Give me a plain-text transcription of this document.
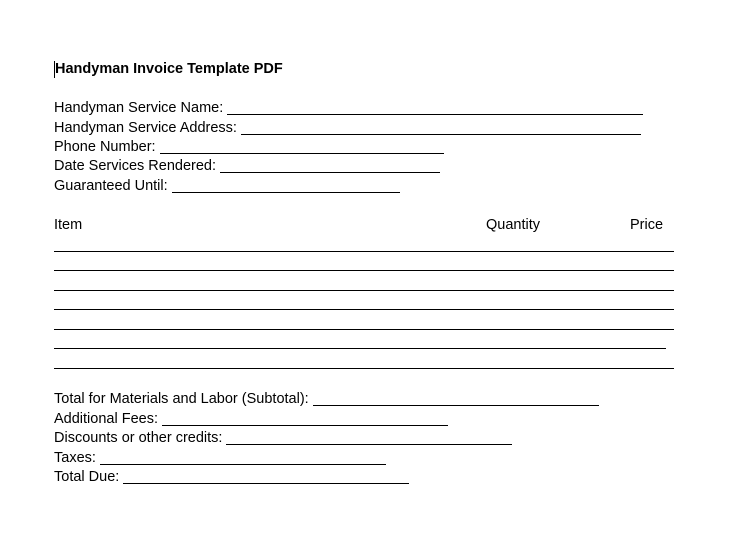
Handyman Invoice Template PDF
Handyman Service Name:
Handyman Service Address:
Phone Number:
Date Services Rendered:
Guaranteed Until:
Item	Quantity	Price
Total for Materials and Labor (Subtotal):
Additional Fees:
Discounts or other credits:
Taxes:
Total Due:
